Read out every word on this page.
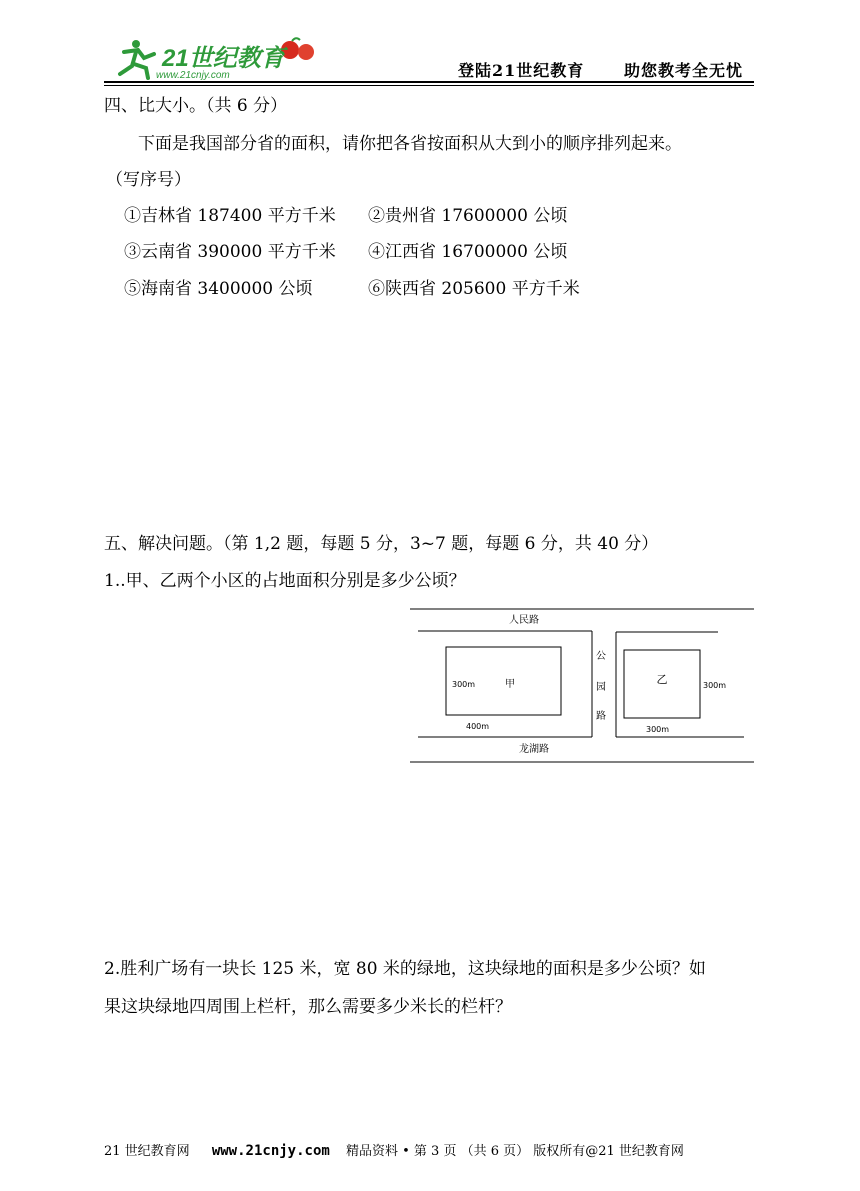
21世纪教育
www.21cnjy.com	登陆21世纪教育 助您教考全无忧
四、比大小。（共 6 分）
下面是我国部分省的面积，请你把各省按面积从大到小的顺序排列起来。
（写序号）
①吉林省 187400 平方千米 ②贵州省 17600000 公顷
③云南省 390000 平方千米 ④江西省 16700000 公顷
⑤海南省 3400000 公顷	⑥陕西省 205600 平方千米
五、解决问题。（第 1,2 题，每题 5 分，3~7 题，每题 6 分，共 40 分）
1..甲、乙两个小区的占地面积分别是多少公顷？
人民路
龙湖路
公
园
路
甲
300m
400m
乙	300m
300m
2.胜利广场有一块长 125 米，宽 80 米的绿地，这块绿地的面积是多少公顷？如
果这块绿地四周围上栏杆，那么需要多少米长的栏杆？
21 世纪教育网 www.21cnjy.com 精品资料 • 第 3 页 （共 6 页） 版权所有@21 世纪教育网
